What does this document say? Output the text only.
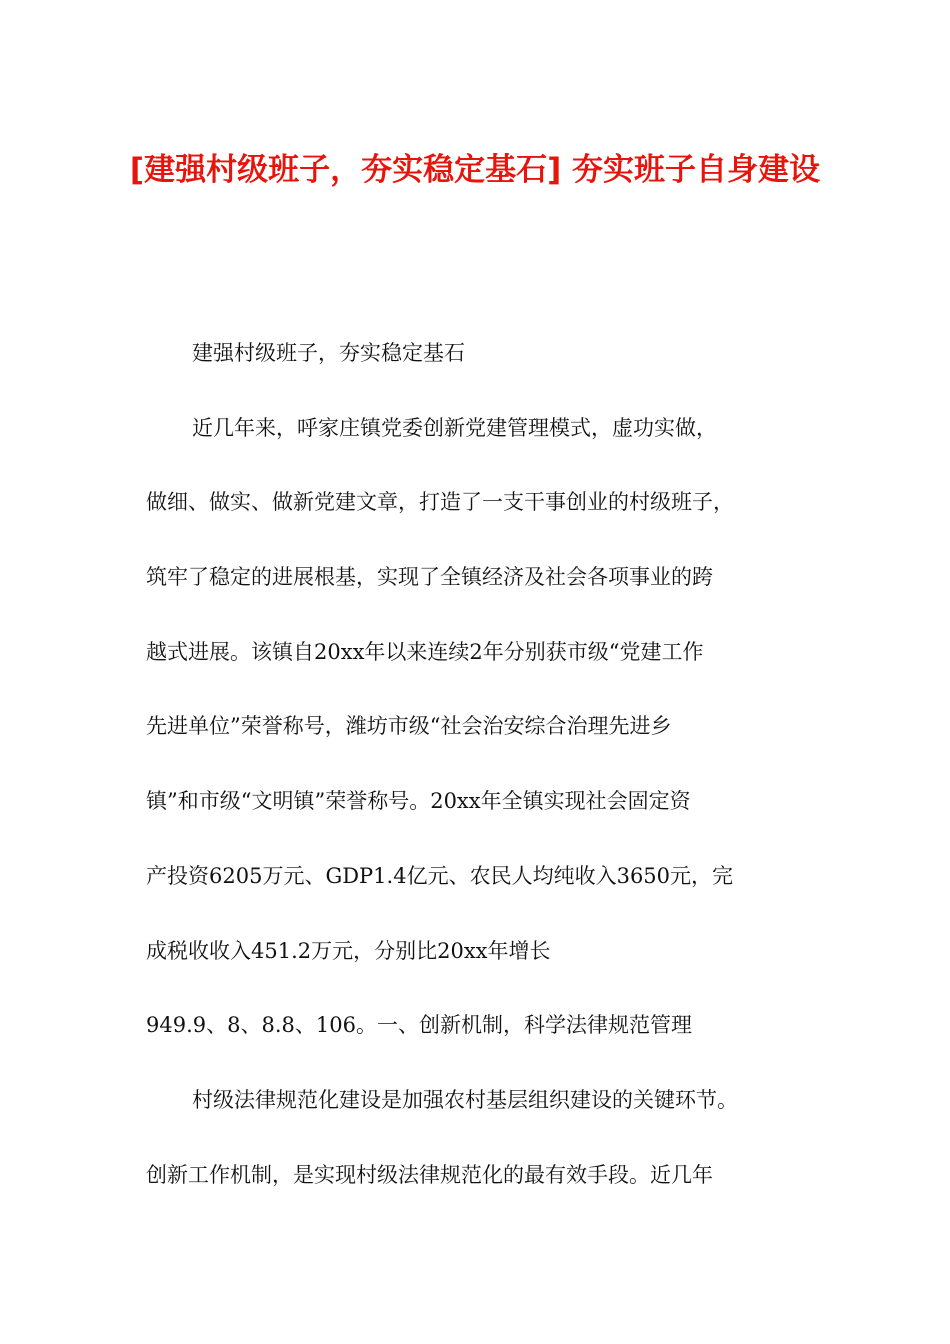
[建强村级班子，夯实稳定基石] 夯实班子自身建设
建强村级班子，夯实稳定基石
近几年来，呼家庄镇党委创新党建管理模式，虚功实做，
做细、做实、做新党建文章，打造了一支干事创业的村级班子，
筑牢了稳定的进展根基，实现了全镇经济及社会各项事业的跨
越式进展。该镇自20xx年以来连续2年分别获市级“党建工作
先进单位”荣誉称号，潍坊市级“社会治安综合治理先进乡
镇”和市级“文明镇”荣誉称号。20xx年全镇实现社会固定资
产投资6205万元、GDP1.4亿元、农民人均纯收入3650元，完
成税收收入451.2万元，分别比20xx年增长
949.9、8、8.8、106。一、创新机制，科学法律规范管理
村级法律规范化建设是加强农村基层组织建设的关键环节。
创新工作机制，是实现村级法律规范化的最有效手段。近几年
